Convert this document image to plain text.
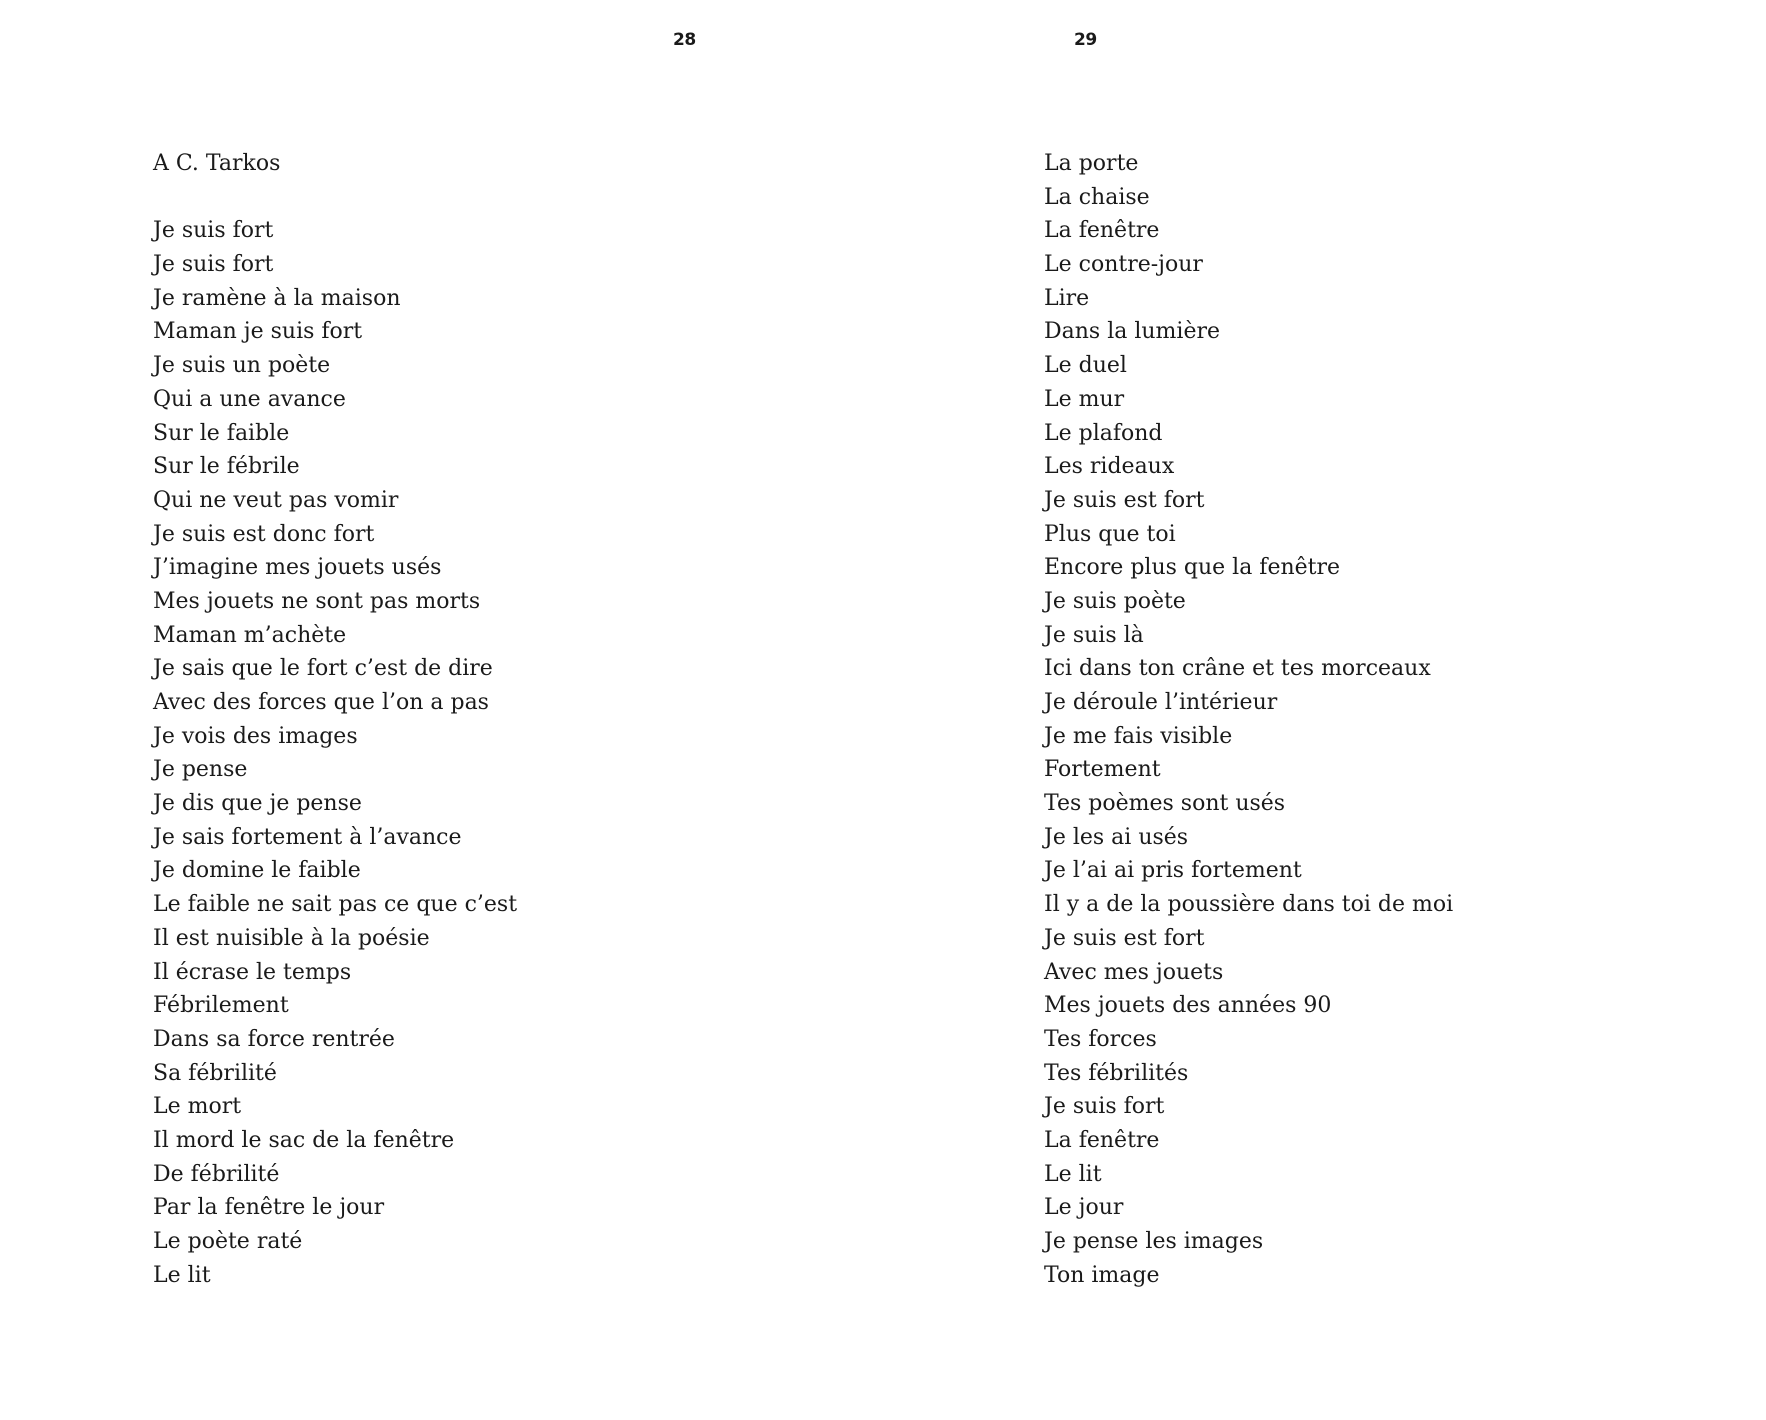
28	29
A C. Tarkos
Je suis fort
Je suis fort
Je ramène à la maison
Maman je suis fort
Je suis un poète
Qui a une avance
Sur le faible
Sur le fébrile
Qui ne veut pas vomir
Je suis est donc fort
J’imagine mes jouets usés
Mes jouets ne sont pas morts
Maman m’achète
Je sais que le fort c’est de dire
Avec des forces que l’on a pas
Je vois des images
Je pense
Je dis que je pense
Je sais fortement à l’avance
Je domine le faible
Le faible ne sait pas ce que c’est
Il est nuisible à la poésie
Il écrase le temps
Fébrilement
Dans sa force rentrée
Sa fébrilité
Le mort
Il mord le sac de la fenêtre
De fébrilité
Par la fenêtre le jour
Le poète raté
Le lit
La porte
La chaise
La fenêtre
Le contre-jour
Lire
Dans la lumière
Le duel
Le mur
Le plafond
Les rideaux
Je suis est fort
Plus que toi
Encore plus que la fenêtre
Je suis poète
Je suis là
Ici dans ton crâne et tes morceaux
Je déroule l’intérieur
Je me fais visible
Fortement
Tes poèmes sont usés
Je les ai usés
Je l’ai ai pris fortement
Il y a de la poussière dans toi de moi
Je suis est fort
Avec mes jouets
Mes jouets des années 90
Tes forces
Tes fébrilités
Je suis fort
La fenêtre
Le lit
Le jour
Je pense les images
Ton image
